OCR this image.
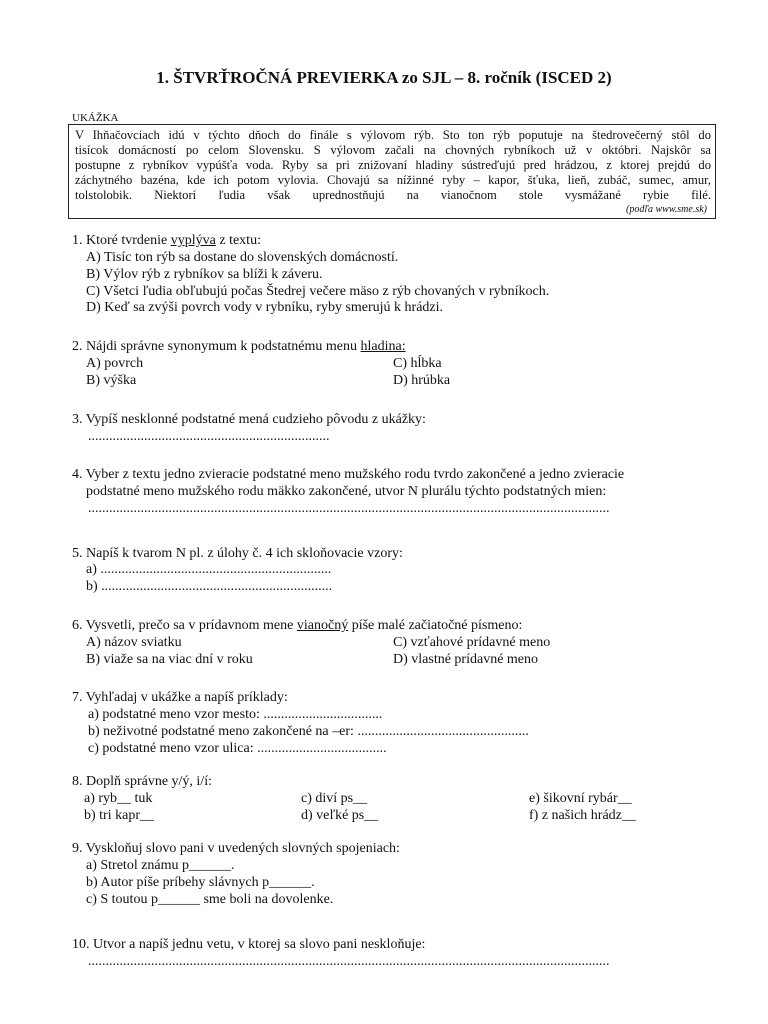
1. ŠTVRŤROČNÁ PREVIERKA zo SJL – 8. ročník (ISCED 2)
UKÁŽKA
V Ihňačovciach idú v týchto dňoch do finále s výlovom rýb. Sto ton rýb poputuje na štedrovečerný stôl do
tisícok domácností po celom Slovensku. S výlovom začali na chovných rybníkoch už v októbri. Najskôr sa
postupne z rybníkov vypúšťa voda. Ryby sa pri znižovaní hladiny sústreďujú pred hrádzou, z ktorej prejdú do
záchytného bazéna, kde ich potom vylovia. Chovajú sa nížinné ryby – kapor, šťuka, lieň, zubáč, sumec, amur,
tolstolobik. Niektorí ľudia však uprednostňujú na vianočnom stole vysmážané rybie filé.
(podľa www.sme.sk)
1. Ktoré tvrdenie vyplýva z textu:
A) Tisíc ton rýb sa dostane do slovenských domácností.
B) Výlov rýb z rybníkov sa blíži k záveru.
C) Všetci ľudia obľubujú počas Štedrej večere mäso z rýb chovaných v rybníkoch.
D) Keď sa zvýši povrch vody v rybníku, ryby smerujú k hrádzi.
2. Nájdi správne synonymum k podstatnému menu hladina:
A) povrch	C) hĺbka
B) výška	D) hrúbka
3. Vypíš nesklonné podstatné mená cudzieho pôvodu z ukážky:
.....................................................................
4. Vyber z textu jedno zvieracie podstatné meno mužského rodu tvrdo zakončené a jedno zvieracie
podstatné meno mužského rodu mäkko zakončené, utvor N plurálu týchto podstatných mien:
.....................................................................................................................................................
5. Napíš k tvarom N pl. z úlohy č. 4 ich skloňovacie vzory:
a) ..................................................................
b) ..................................................................
6. Vysvetli, prečo sa v prídavnom mene vianočný píše malé začiatočné písmeno:
A) názov sviatku	C) vzťahové prídavné meno
B) viaže sa na viac dní v roku	D) vlastné prídavné meno
7. Vyhľadaj v ukážke a napíš príklady:
a) podstatné meno vzor mesto: ..................................
b) neživotné podstatné meno zakončené na –er: .................................................
c) podstatné meno vzor ulica: .....................................
8. Doplň správne y/ý, i/í:
a) ryb__ tuk	c) diví ps__	e) šikovní rybár__
b) tri kapr__	d) veľké ps__	f) z našich hrádz__
9. Vyskloňuj slovo pani v uvedených slovných spojeniach:
a) Stretol známu p______.
b) Autor píše príbehy slávnych p______.
c) S toutou p______ sme boli na dovolenke.
10. Utvor a napíš jednu vetu, v ktorej sa slovo pani neskloňuje:
.....................................................................................................................................................
